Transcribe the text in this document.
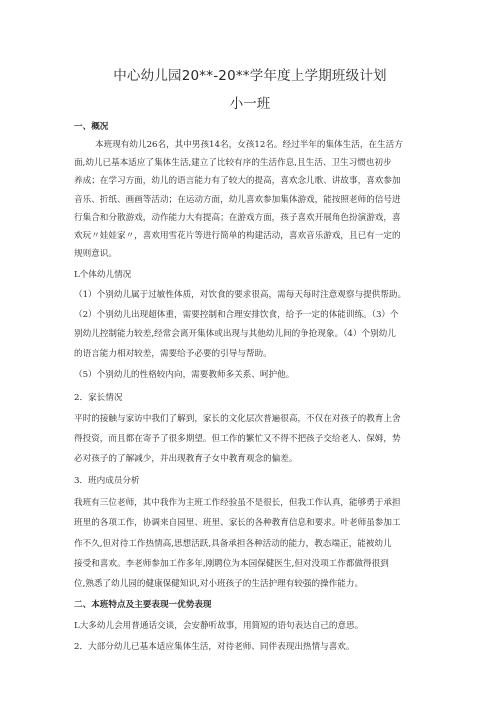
中心幼儿园20**-20**学年度上学期班级计划
小一班
一、概况
本班现有幼儿26名，其中男孩14名，女孩12名。经过半年的集体生活，在生活方
面,幼儿已基本适应了集体生活,建立了比较有序的生活作息,且生活、卫生习惯也初步
养成；在学习方面，幼儿的语言能力有了较大的提高，喜欢念儿歌、讲故事，喜欢参加
音乐、折纸、画画等活动；在运动方面，幼儿喜欢参加集体游戏，能按照老师的信号进
行集合和分散游戏，动作能力大有提高；在游戏方面，孩子喜欢开展角色扮演游戏，喜
欢玩〃娃娃家〃，喜欢用雪花片等进行简单的构建活动，喜欢音乐游戏，且已有一定的
规则意识。
L个体幼儿情况
（1）个别幼儿属于过敏性体质，对饮食的要求很高，需每天每时注意观察与提供帮助。
（2）个别幼儿出现超体重，需要控制和合理安排饮食，给予一定的体能训练。（3）个
别幼儿控制能力较差,经常会离开集体或出现与其他幼儿间的争抢现象。（4）个别幼儿
的语言能力相对较差，需要给予必要的引导与帮助。
（5）个别幼儿的性格较内向，需要教师多关系、呵护他。
2．家长情况
平时的接触与家访中我们了解到，家长的文化层次普遍很高，不仅在对孩子的教育上舍
得投资，而且都在寄予了很多期望。但工作的繁忙又不得不把孩子交给老人、保姆，势
必对孩子的了解减少，并出现教育子女中教育观念的偏差。
3．班内成员分析
我班有三位老师，其中我作为主班工作经验虽不是很长，但我工作认真，能够勇于承担
班里的各项工作，协调来自园里、班里、家长的各种教育信息和要求。叶老师虽参加工
作不久,但对待工作热情高,思想活跃,具备承担各种活动的能力，教态端正，能被幼儿
接受和喜欢。李老师参加工作多年,刚聘位为本园保健医生,但对没项工作都做得很到
位,熟悉了幼儿园的健康保健知识,对小班孩子的生活护理有较强的操作能力。
二、本班特点及主要表现一优势表现
L大多幼儿会用普通话交谈，会安静听故事，用简短的语句表达自己的意思。
2．大部分幼儿已基本适应集体生活，对待老师、同伴表现出热情与喜欢。
